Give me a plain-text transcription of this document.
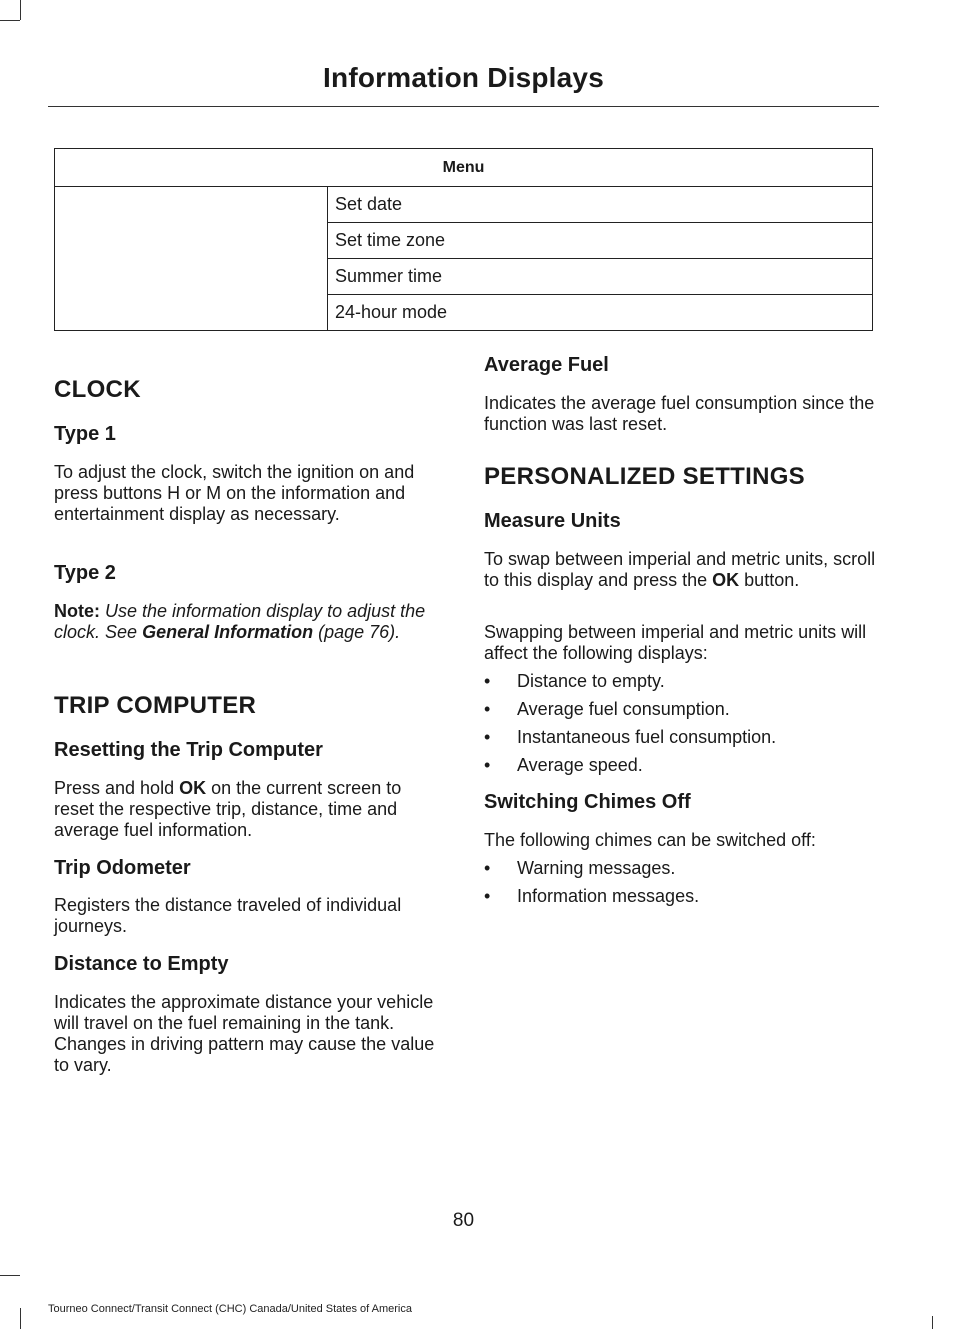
Information Displays
Menu
	Set date
Set time zone
Summer time
24-hour mode
CLOCK
Type 1

To adjust the clock, switch the ignition on and press buttons H or M on the information and entertainment display as necessary.

Type 2

Note: Use the information display to adjust the clock. See General Information (page 76).

TRIP COMPUTER
Resetting the Trip Computer

Press and hold OK on the current screen to reset the respective trip, distance, time and average fuel information.

Trip Odometer

Registers the distance traveled of individual journeys.

Distance to Empty

Indicates the approximate distance your vehicle will travel on the fuel remaining in the tank. Changes in driving pattern may cause the value to vary.

Average Fuel

Indicates the average fuel consumption since the function was last reset.

PERSONALIZED SETTINGS
Measure Units

To swap between imperial and metric units, scroll to this display and press the OK button.

Swapping between imperial and metric units will affect the following displays:

•	Distance to empty.
•	Average fuel consumption.
•	Instantaneous fuel consumption.
•	Average speed.
Switching Chimes Off

The following chimes can be switched off:

•	Warning messages.
•	Information messages.
80
Tourneo Connect/Transit Connect (CHC) Canada/United States of America
